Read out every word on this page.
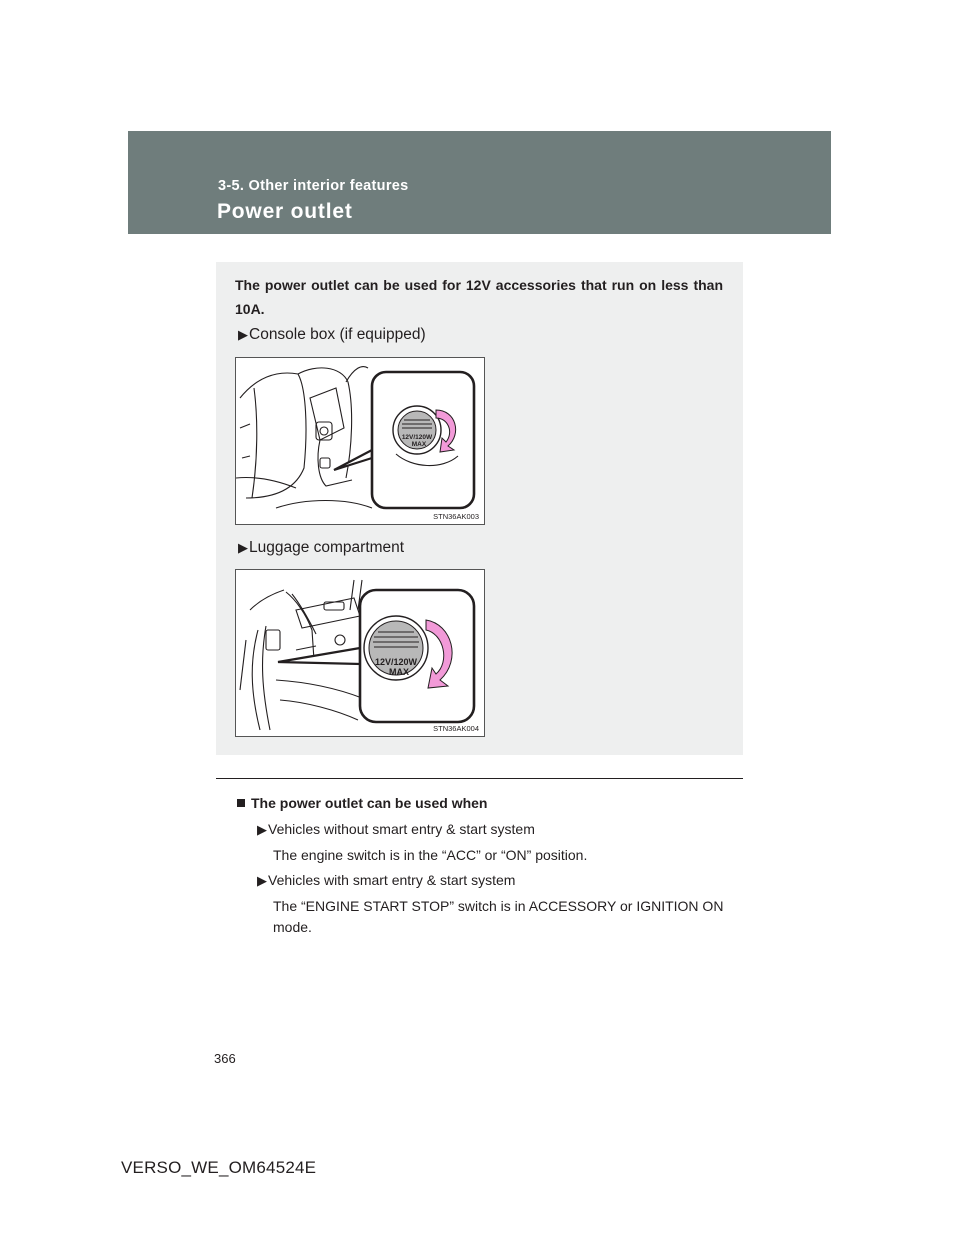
3-5. Other interior features
Power outlet
The power outlet can be used for 12V accessories that run on less than 10A.
▶Console box (if equipped)
12V/120W
MAX
STN36AK003
▶Luggage compartment
12V/120W
MAX
STN36AK004
The power outlet can be used when
▶Vehicles without smart entry & start system
The engine switch is in the “ACC” or “ON” position.
▶Vehicles with smart entry & start system
The “ENGINE START STOP” switch is in ACCESSORY or IGNITION ON
mode.
366
VERSO_WE_OM64524E
